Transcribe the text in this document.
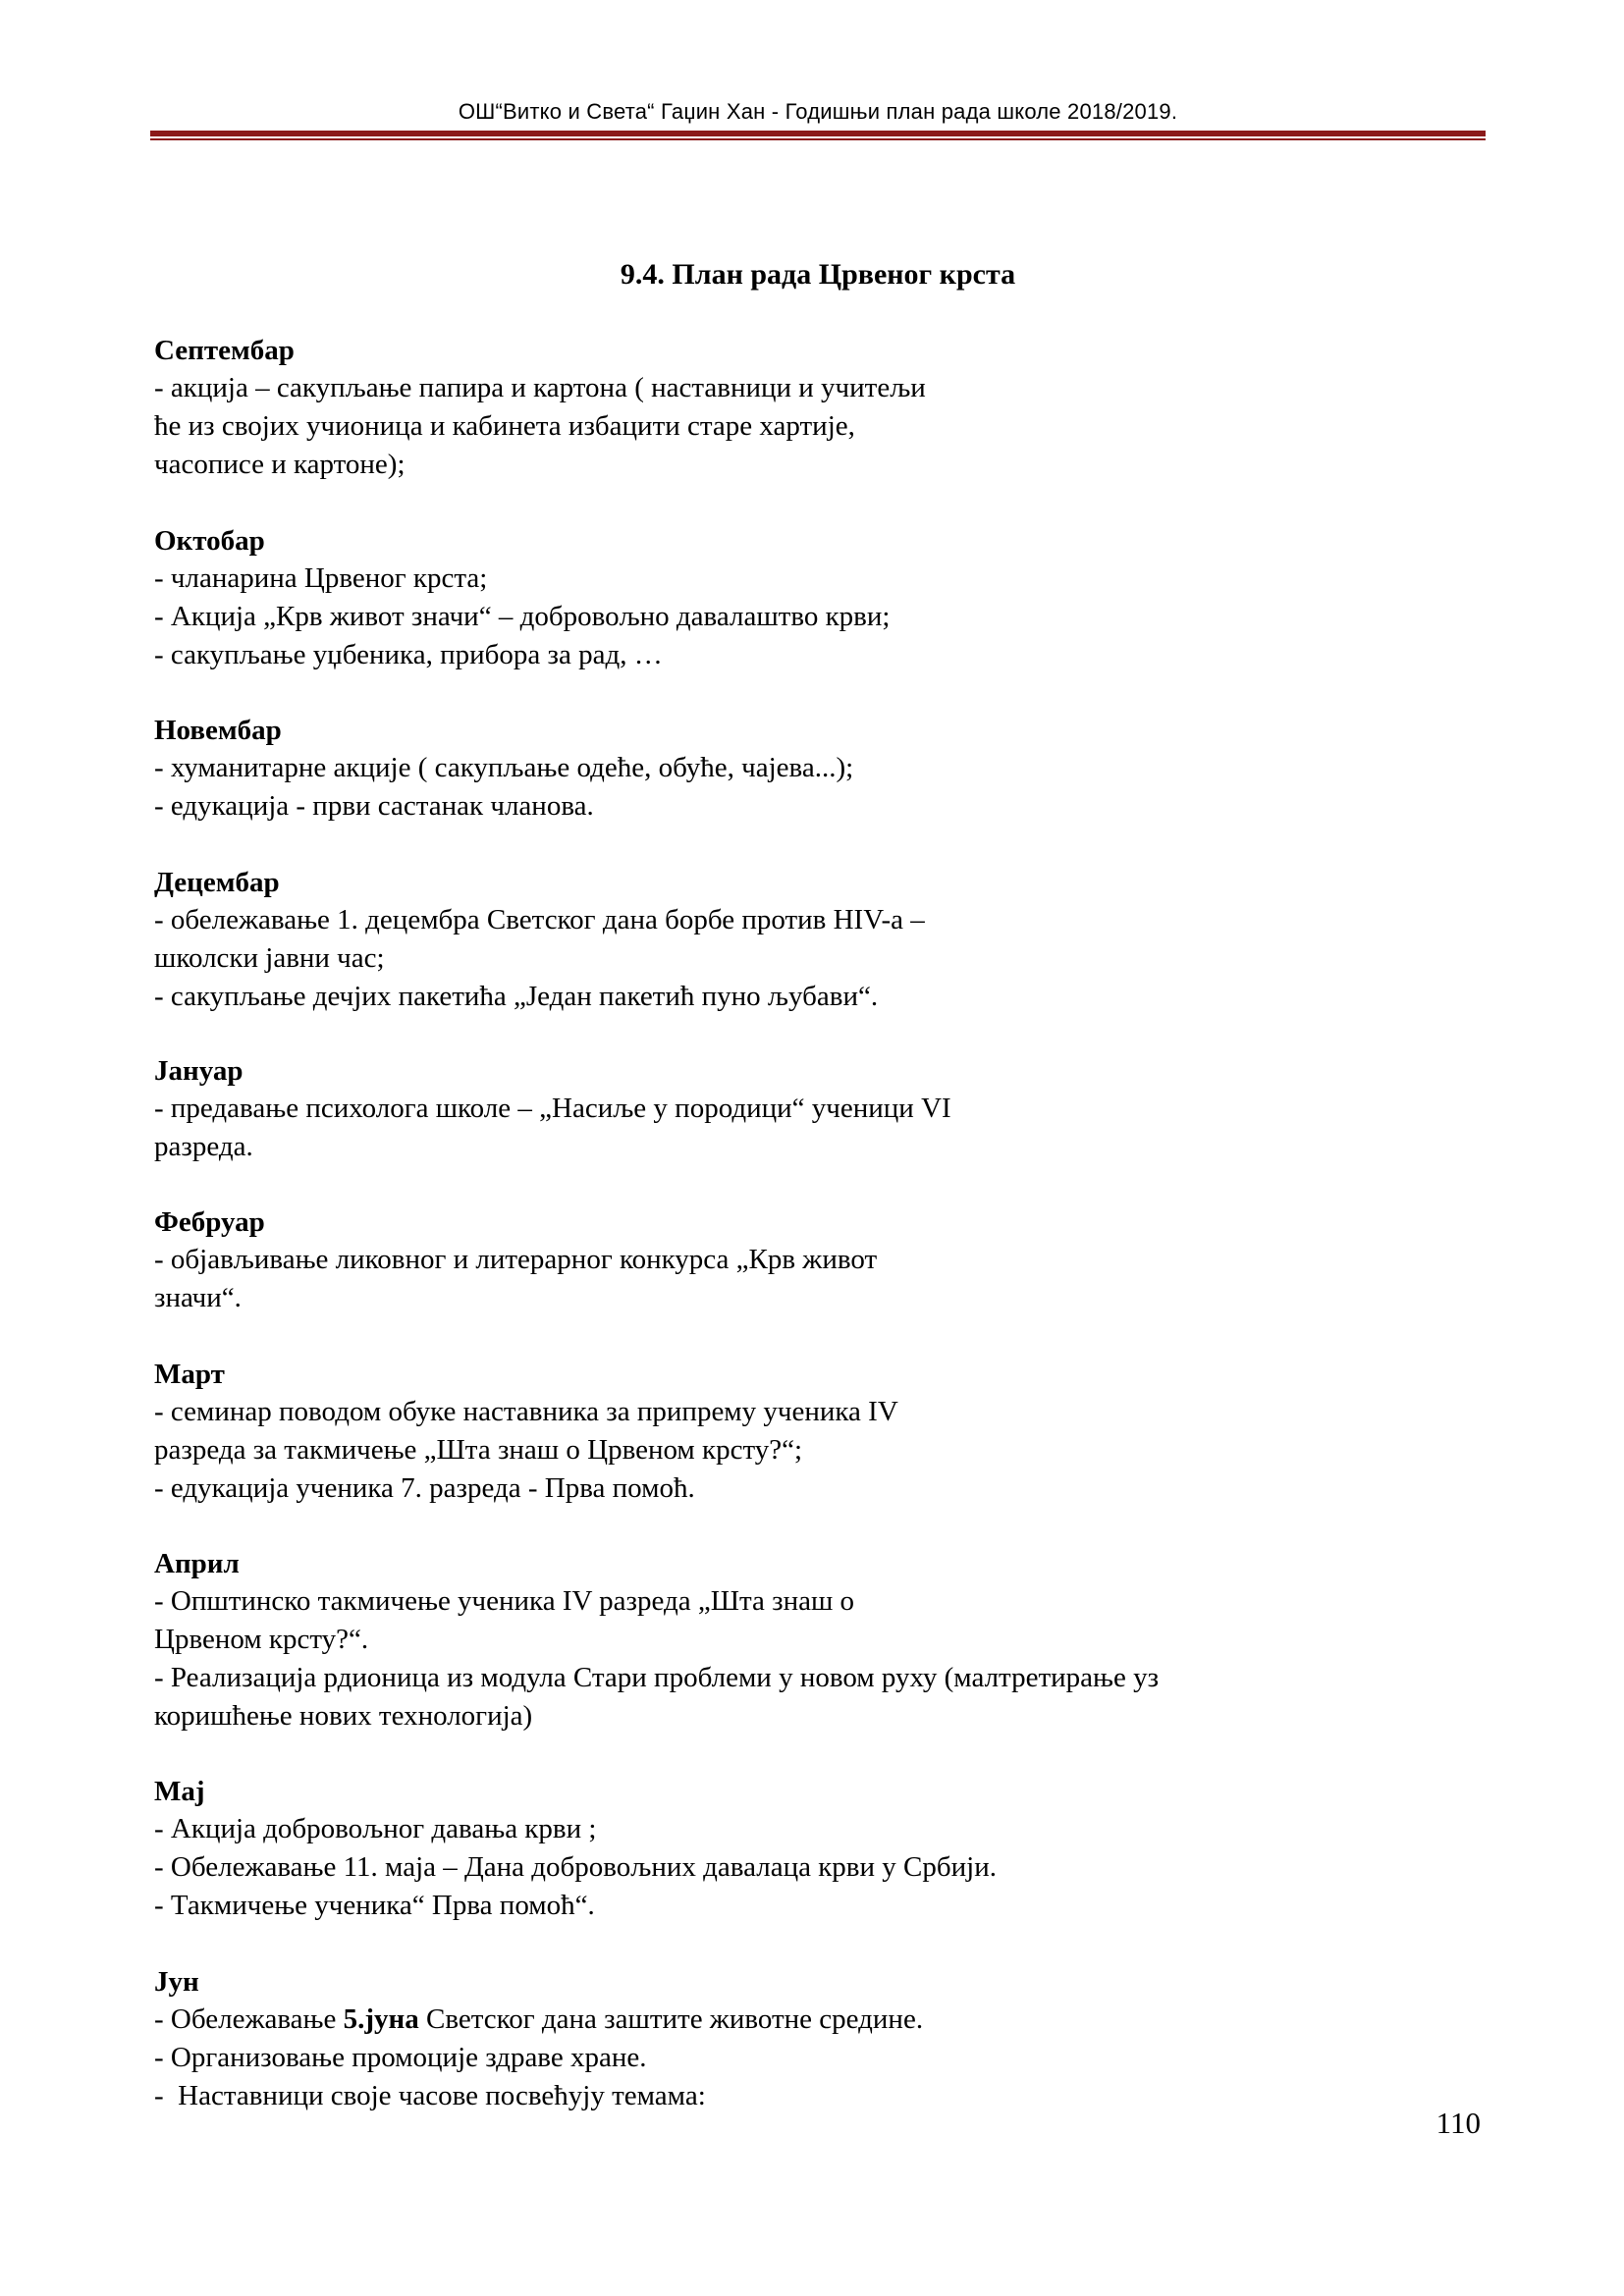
ОШ“Витко и Света“ Гаџин Хан - Годишњи план рада школе 2018/2019.
9.4. План рада Црвеног крста
Септембар
- акција – сакупљање папира и картона ( наставници и учитељи
ће из својих учионица и кабинета избацити старе хартије,
часописе и картоне);
Октобар
- чланарина Црвеног крста;
- Акција „Крв живот значи“ – добровољно давалаштво крви;
- сакупљање уџбеника, прибора за рад, …
Новембар
- хуманитарне акције ( сакупљање одеће, обуће, чајева...);
- едукација - први састанак чланова.
Децембар
- обележавање 1. децембра Светског дана борбе против HIV-а –
школски јавни час;
- сакупљање дечјих пакетића „Један пакетић пуно љубави“.
Јануар
- предавање психолога школе – „Насиље у породици“ ученици VI
разреда.
Фебруар
- објављивање ликовног и литерарног конкурса „Крв живот
значи“.
Март
- семинар поводом обуке наставника за припрему ученика IV
разреда за такмичење „Шта знаш о Црвеном крсту?“;
- едукација ученика 7. разреда - Прва помоћ.
Април
- Општинско такмичење ученика IV разреда „Шта знаш о
Црвеном крсту?“.
- Реализација рдионица из модула Стари проблеми у новом руху (малтретирање уз
коришћење нових технологија)
Мај
- Акција добровољног давања крви ;
- Обележавање 11. маја – Дана добровољних давалаца крви у Србији.
- Такмичење ученика“ Прва помоћ“.
Јун
- Обележавање 5.јуна Светског дана заштите животне средине.
- Организовање промоције здраве хране.
-  Наставници своје часове посвећују темама:
110
